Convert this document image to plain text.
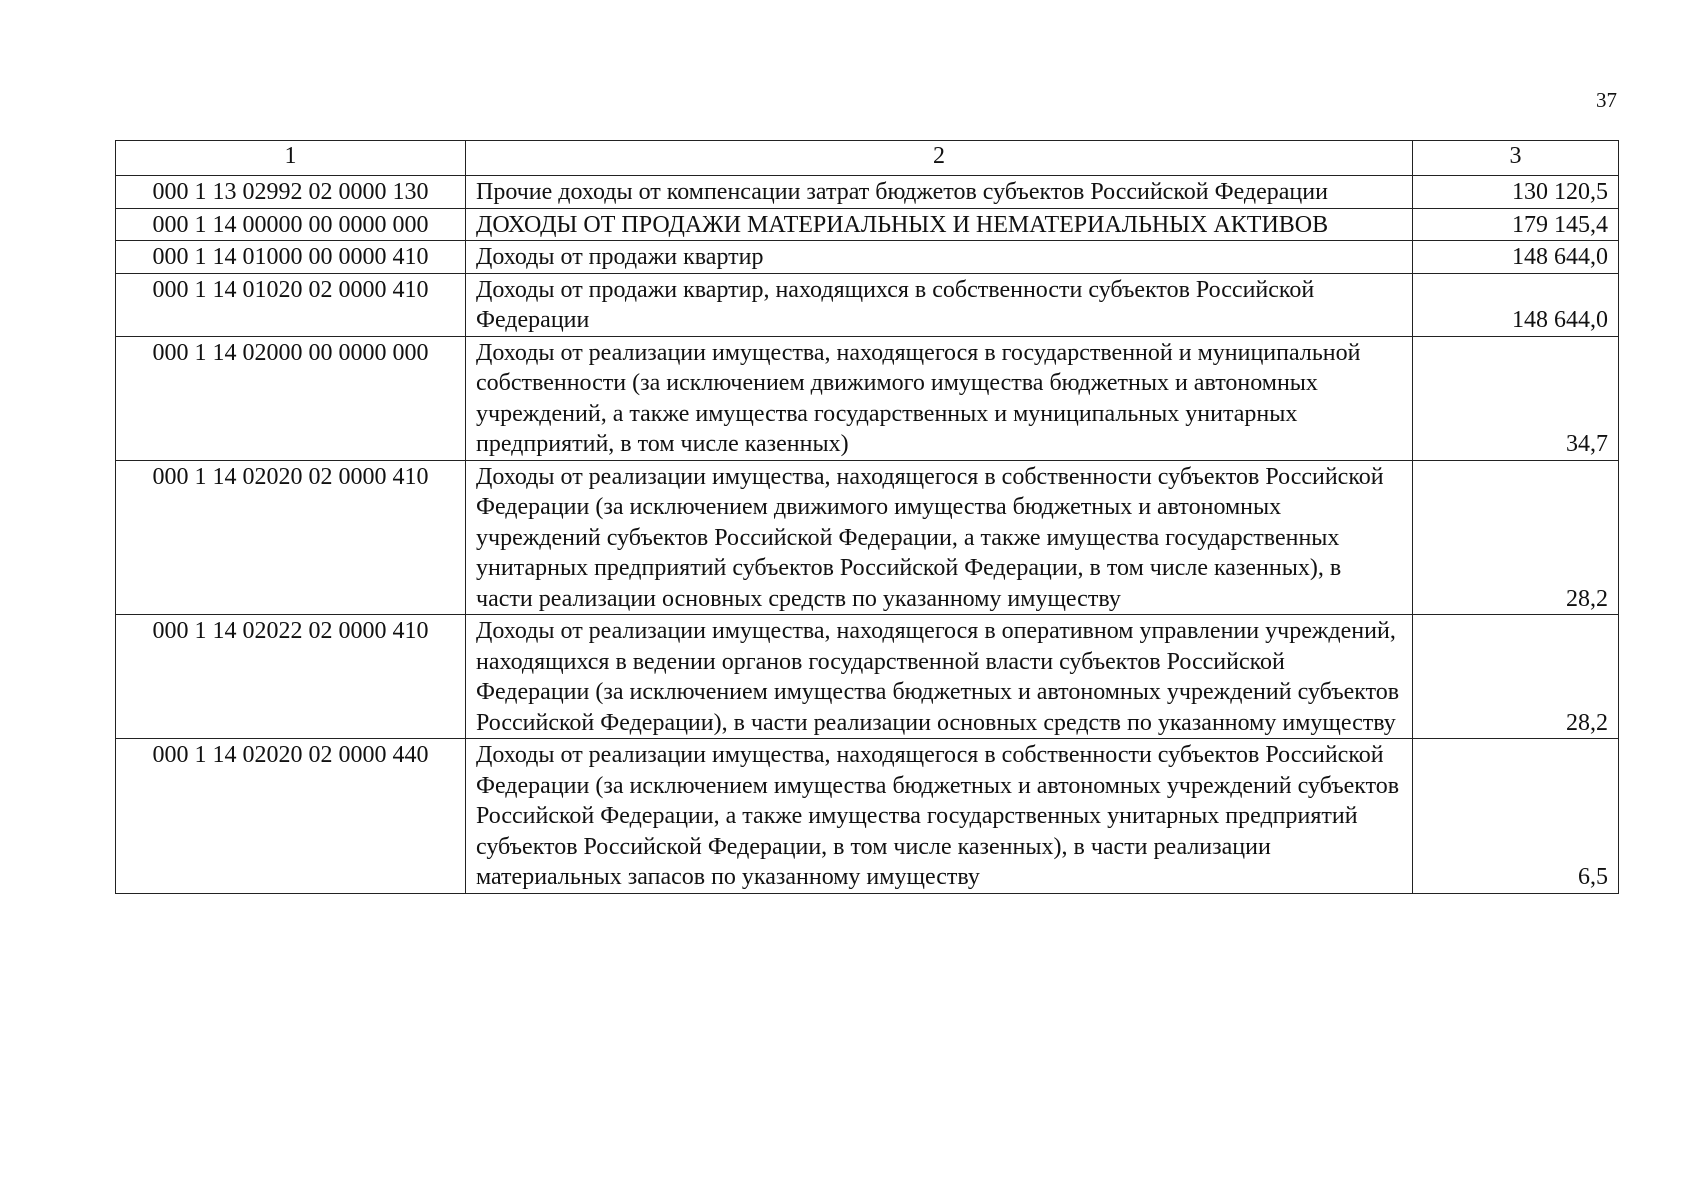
37
1	2	3
000 1 13 02992 02 0000 130	Прочие доходы от компенсации затрат бюджетов субъектов Российской Федерации	130 120,5
000 1 14 00000 00 0000 000	ДОХОДЫ ОТ ПРОДАЖИ МАТЕРИАЛЬНЫХ И НЕМАТЕРИАЛЬНЫХ АКТИВОВ	179 145,4
000 1 14 01000 00 0000 410	Доходы от продажи квартир	148 644,0
000 1 14 01020 02 0000 410	Доходы от продажи квартир, находящихся в собственности субъектов Российской Федерации	148 644,0
000 1 14 02000 00 0000 000	Доходы от реализации имущества, находящегося в государственной и муниципальной собственности (за исключением движимого имущества бюджетных и автономных учреждений, а также имущества государственных и муниципальных унитарных предприятий, в том числе казенных)	34,7
000 1 14 02020 02 0000 410	Доходы от реализации имущества, находящегося в собственности субъектов Российской Федерации (за исключением движимого имущества бюджетных и автономных учреждений субъектов Российской Федерации, а также имущества государственных унитарных предприятий субъектов Российской Федерации, в том числе казенных), в части реализации основных средств по указанному имуществу	28,2
000 1 14 02022 02 0000 410	Доходы от реализации имущества, находящегося в оперативном управлении учреждений, находящихся в ведении органов государственной власти субъектов Российской Федерации (за исключением имущества бюджетных и автономных учреждений субъектов Российской Федерации), в части реализации основных средств по указанному имуществу	28,2
000 1 14 02020 02 0000 440	Доходы от реализации имущества, находящегося в собственности субъектов Российской Федерации (за исключением имущества бюджетных и автономных учреждений субъектов Российской Федерации, а также имущества государственных унитарных предприятий субъектов Российской Федерации, в том числе казенных), в части реализации материальных запасов по указанному имуществу	6,5
